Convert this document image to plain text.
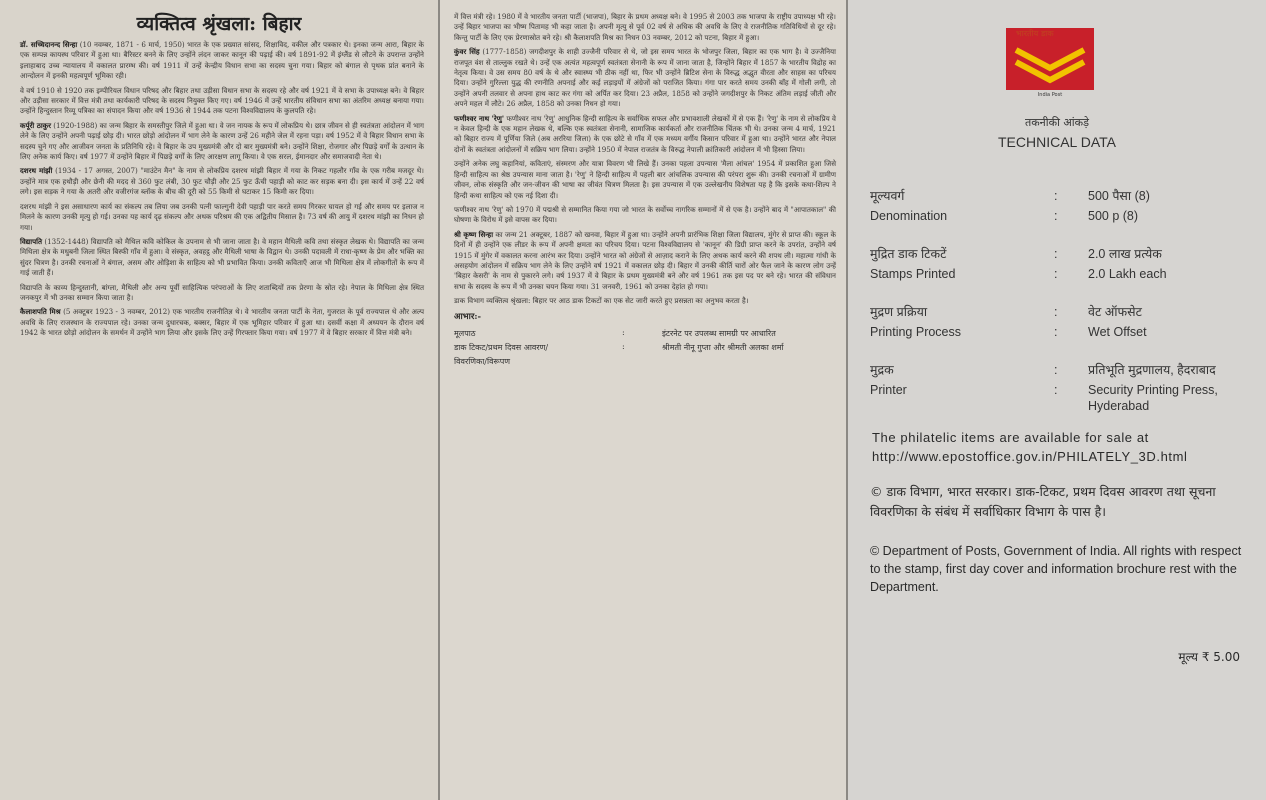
व्यक्तित्व श्रृंखला: बिहार

डॉ. सच्चिदानन्द सिन्हा (10 नवम्बर, 1871 - 6 मार्च, 1950) भारत के एक प्रख्यात सांसद, शिक्षाविद, वकील और पत्रकार थे। इनका जन्म आरा, बिहार के एक सम्पन्न कायस्थ परिवार में हुआ था। बैरिस्टर बनने के लिए उन्होंने लंदन जाकर कानून की पढ़ाई की। वर्ष 1891-92 में इंग्लैंड से लौटने के उपरान्त उन्होंने इलाहाबाद उच्च न्यायालय में वकालत प्रारम्भ की। वर्ष 1911 में उन्हें केन्द्रीय विधान सभा का सदस्य चुना गया। बिहार को बंगाल से पृथक प्रांत बनाने के आन्दोलन में इनकी महत्वपूर्ण भूमिका रही।

वे वर्ष 1910 से 1920 तक इम्पीरियल विधान परिषद और बिहार तथा उड़ीसा विधान सभा के सदस्य रहे और वर्ष 1921 में वे सभा के उपाध्यक्ष बने। वे बिहार और उड़ीसा सरकार में वित्त मंत्री तथा कार्यकारी परिषद के सदस्य नियुक्त किए गए। वर्ष 1946 में उन्हें भारतीय संविधान सभा का अंतरिम अध्यक्ष बनाया गया। उन्होंने हिन्दुस्तान रिव्यू पत्रिका का संपादन किया और वर्ष 1936 से 1944 तक पटना विश्वविद्यालय के कुलपति रहे।

कर्पूरी ठाकुर (1920-1988) का जन्म बिहार के समस्तीपुर जिले में हुआ था। वे जन नायक के रूप में लोकप्रिय थे। छात्र जीवन से ही स्वतंत्रता आंदोलन में भाग लेने के लिए उन्होंने अपनी पढ़ाई छोड़ दी। भारत छोड़ो आंदोलन में भाग लेने के कारण उन्हें 26 महीने जेल में रहना पड़ा। वर्ष 1952 में वे बिहार विधान सभा के सदस्य चुने गए और आजीवन जनता के प्रतिनिधि रहे। वे बिहार के उप मुख्यमंत्री और दो बार मुख्यमंत्री बने। उन्होंने शिक्षा, रोजगार और पिछड़े वर्गों के उत्थान के लिए अनेक कार्य किए। वर्ष 1977 में उन्होंने बिहार में पिछड़े वर्गों के लिए आरक्षण लागू किया। वे एक सरल, ईमानदार और समाजवादी नेता थे।

दशरथ मांझी (1934 - 17 अगस्त, 2007) "माउंटेन मैन" के नाम से लोकप्रिय दशरथ मांझी बिहार में गया के निकट गहलौर गाँव के एक गरीब मजदूर थे। उन्होंने मात्र एक हथौड़ी और छेनी की मदद से 360 फुट लंबी, 30 फुट चौड़ी और 25 फुट ऊँची पहाड़ी को काट कर सड़क बना दी। इस कार्य में उन्हें 22 वर्ष लगे। इस सड़क ने गया के अतरी और वजीरगंज ब्लॉक के बीच की दूरी को 55 किमी से घटाकर 15 किमी कर दिया।

दशरथ मांझी ने इस असाधारण कार्य का संकल्प तब लिया जब उनकी पत्नी फाल्गुनी देवी पहाड़ी पार करते समय गिरकर घायल हो गईं और समय पर इलाज न मिलने के कारण उनकी मृत्यु हो गई। उनका यह कार्य दृढ़ संकल्प और अथक परिश्रम की एक अद्वितीय मिसाल है। 73 वर्ष की आयु में दशरथ मांझी का निधन हो गया।

विद्यापति (1352-1448) विद्यापति को मैथिल कवि कोकिल के उपनाम से भी जाना जाता है। वे महान मैथिली कवि तथा संस्कृत लेखक थे। विद्यापति का जन्म मिथिला क्षेत्र के मधुबनी जिला स्थित बिस्फी गाँव में हुआ। वे संस्कृत, अवहट्ठ और मैथिली भाषा के विद्वान थे। उनकी पदावली में राधा-कृष्ण के प्रेम और भक्ति का सुंदर चित्रण है। उनकी रचनाओं ने बंगाल, असम और ओड़िशा के साहित्य को भी प्रभावित किया। उनकी कविताएँ आज भी मिथिला क्षेत्र में लोकगीतों के रूप में गाई जाती हैं।

विद्यापति के काव्य हिन्दुस्तानी, बांग्ला, मैथिली और अन्य पूर्वी साहित्यिक परंपराओं के लिए शताब्दियों तक प्रेरणा के स्रोत रहे। नेपाल के मिथिला क्षेत्र स्थित जनकपुर में भी उनका सम्मान किया जाता है।

कैलाशपति मिश्र (5 अक्टूबर 1923 - 3 नवम्बर, 2012) एक भारतीय राजनीतिज्ञ थे। वे भारतीय जनता पार्टी के नेता, गुजरात के पूर्व राज्यपाल थे और अल्प अवधि के लिए राजस्थान के राज्यपाल रहे। उनका जन्म दुधारचक, बक्सर, बिहार में एक भूमिहार परिवार में हुआ था। दसवीं कक्षा में अध्ययन के दौरान वर्ष 1942 के भारत छोड़ो आंदोलन के समर्थन में उन्होंने भाग लिया और इसके लिए उन्हें गिरफ्तार किया गया। वर्ष 1977 में वे बिहार सरकार में वित्त मंत्री बने।

में वित्त मंत्री रहे। 1980 में वे भारतीय जनता पार्टी (भाजपा), बिहार के प्रथम अध्यक्ष बने। वे 1995 से 2003 तक भाजपा के राष्ट्रीय उपाध्यक्ष भी रहे। उन्हें बिहार भाजपा का भीष्म पितामह भी कहा जाता है। अपनी मृत्यु से पूर्व 02 वर्ष से अधिक की अवधि के लिए वे राजनीतिक गतिविधियों से दूर रहे। किन्तु पार्टी के लिए एक प्रेरणास्रोत बने रहे। श्री कैलाशपति मिश्र का निधन 03 नवम्बर, 2012 को पटना, बिहार में हुआ।

कुंवर सिंह (1777-1858) जगदीशपुर के शाही उज्जैनी परिवार से थे, जो इस समय भारत के भोजपुर जिला, बिहार का एक भाग है। वे उज्जैनिया राजपूत वंश से ताल्लुक रखते थे। उन्हें एक अत्यंत महत्वपूर्ण स्वतंत्रता सेनानी के रूप में जाना जाता है, जिन्होंने बिहार में 1857 के भारतीय विद्रोह का नेतृत्व किया। वे उस समय 80 वर्ष के थे और स्वास्थ्य भी ठीक नहीं था, फिर भी उन्होंने ब्रिटिश सेना के विरुद्ध अद्भुत वीरता और साहस का परिचय दिया। उन्होंने गुरिल्ला युद्ध की रणनीति अपनाई और कई लड़ाइयों में अंग्रेजों को पराजित किया। गंगा पार करते समय उनकी बाँह में गोली लगी, तो उन्होंने अपनी तलवार से अपना हाथ काट कर गंगा को अर्पित कर दिया। 23 अप्रैल, 1858 को उन्होंने जगदीशपुर के निकट अंतिम लड़ाई जीती और अपने महल में लौटे। 26 अप्रैल, 1858 को उनका निधन हो गया।

फणीश्वर नाथ 'रेणु' फणीश्वर नाथ 'रेणु' आधुनिक हिन्दी साहित्य के सर्वाधिक सफल और प्रभावशाली लेखकों में से एक हैं। 'रेणु' के नाम से लोकप्रिय वे न केवल हिन्दी के एक महान लेखक थे, बल्कि एक स्वतंत्रता सेनानी, सामाजिक कार्यकर्ता और राजनीतिक चिंतक भी थे। उनका जन्म 4 मार्च, 1921 को बिहार राज्य में पूर्णिया जिले (अब अररिया जिला) के एक छोटे से गाँव में एक मध्यम वर्गीय किसान परिवार में हुआ था। उन्होंने भारत और नेपाल दोनों के स्वतंत्रता आंदोलनों में सक्रिय भाग लिया। उन्होंने 1950 में नेपाल राजतंत्र के विरुद्ध नेपाली क्रांतिकारी आंदोलन में भी हिस्सा लिया।

उन्होंने अनेक लघु कहानियां, कविताएं, संस्मरण और यात्रा विवरण भी लिखे हैं। उनका पहला उपन्यास 'मैला आंचल' 1954 में प्रकाशित हुआ जिसे हिन्दी साहित्य का श्रेष्ठ उपन्यास माना जाता है। 'रेणु' ने हिन्दी साहित्य में पहली बार आंचलिक उपन्यास की परंपरा शुरू की। उनकी रचनाओं में ग्रामीण जीवन, लोक संस्कृति और जन-जीवन की भाषा का जीवंत चित्रण मिलता है। इस उपन्यास में एक उल्लेखनीय विशेषता यह है कि इसके कथा-शिल्प ने हिन्दी कथा साहित्य को एक नई दिशा दी।

फणीश्वर नाथ 'रेणु' को 1970 में पद्मश्री से सम्मानित किया गया जो भारत के सर्वोच्च नागरिक सम्मानों में से एक है। उन्होंने बाद में "आपातकाल" की घोषणा के विरोध में इसे वापस कर दिया।

श्री कृष्ण सिन्हा का जन्म 21 अक्टूबर, 1887 को खनवा, बिहार में हुआ था। उन्होंने अपनी प्रारंभिक शिक्षा जिला विद्यालय, मुंगेर से प्राप्त की। स्कूल के दिनों में ही उन्होंने एक लीडर के रूप में अपनी क्षमता का परिचय दिया। पटना विश्वविद्यालय से 'कानून' की डिग्री प्राप्त करने के उपरांत, उन्होंने वर्ष 1915 में मुंगेर में वकालत करना आरंभ कर दिया। उन्होंने भारत को अंग्रेजों से आज़ाद कराने के लिए अथक कार्य करने की शपथ ली। महात्मा गांधी के असहयोग आंदोलन में सक्रिय भाग लेने के लिए उन्होंने वर्ष 1921 में वकालत छोड़ दी। बिहार में उनकी कीर्ति चारों ओर फैल जाने के कारण लोग उन्हें 'बिहार केसरी' के नाम से पुकारने लगे। वर्ष 1937 में वे बिहार के प्रथम मुख्यमंत्री बने और वर्ष 1961 तक इस पद पर बने रहे। भारत की संविधान सभा के सदस्य के रूप में भी उनका चयन किया गया। 31 जनवरी, 1961 को उनका देहांत हो गया।

डाक विभाग व्यक्तित्व श्रृंखला: बिहार पर आठ डाक टिकटों का एक सेट जारी करते हुए प्रसन्नता का अनुभव करता है।

आभार:-
मूलपाठ	:	इंटरनेट पर उपलब्ध सामग्री पर आधारित
डाक टिकट/प्रथम दिवस आवरण/	:	श्रीमती नीनू गुप्ता और श्रीमती अलका शर्मा
विवरणिका/विरूपण
India Post
भारतीय डाक
तकनीकी आंकड़े
TECHNICAL DATA
मूल्यवर्ग	:	500 पैसा (8)
Denomination	:	500 p (8)
मुद्रित डाक टिकटें	:	2.0 लाख प्रत्येक
Stamps Printed	:	2.0 Lakh each
मुद्रण प्रक्रिया	:	वेट ऑफसेट
Printing Process	:	Wet Offset
मुद्रक	:	प्रतिभूति मुद्रणालय, हैदराबाद
Printer	:	Security Printing Press, Hyderabad
The philatelic items are available for sale at http://www.epostoffice.gov.in/PHILATELY_3D.html
© डाक विभाग, भारत सरकार। डाक-टिकट, प्रथम दिवस आवरण तथा सूचना विवरणिका के संबंध में सर्वाधिकार विभाग के पास है।
© Department of Posts, Government of India. All rights with respect to the stamp, first day cover and information brochure rest with the Department.
मूल्य ₹ 5.00
